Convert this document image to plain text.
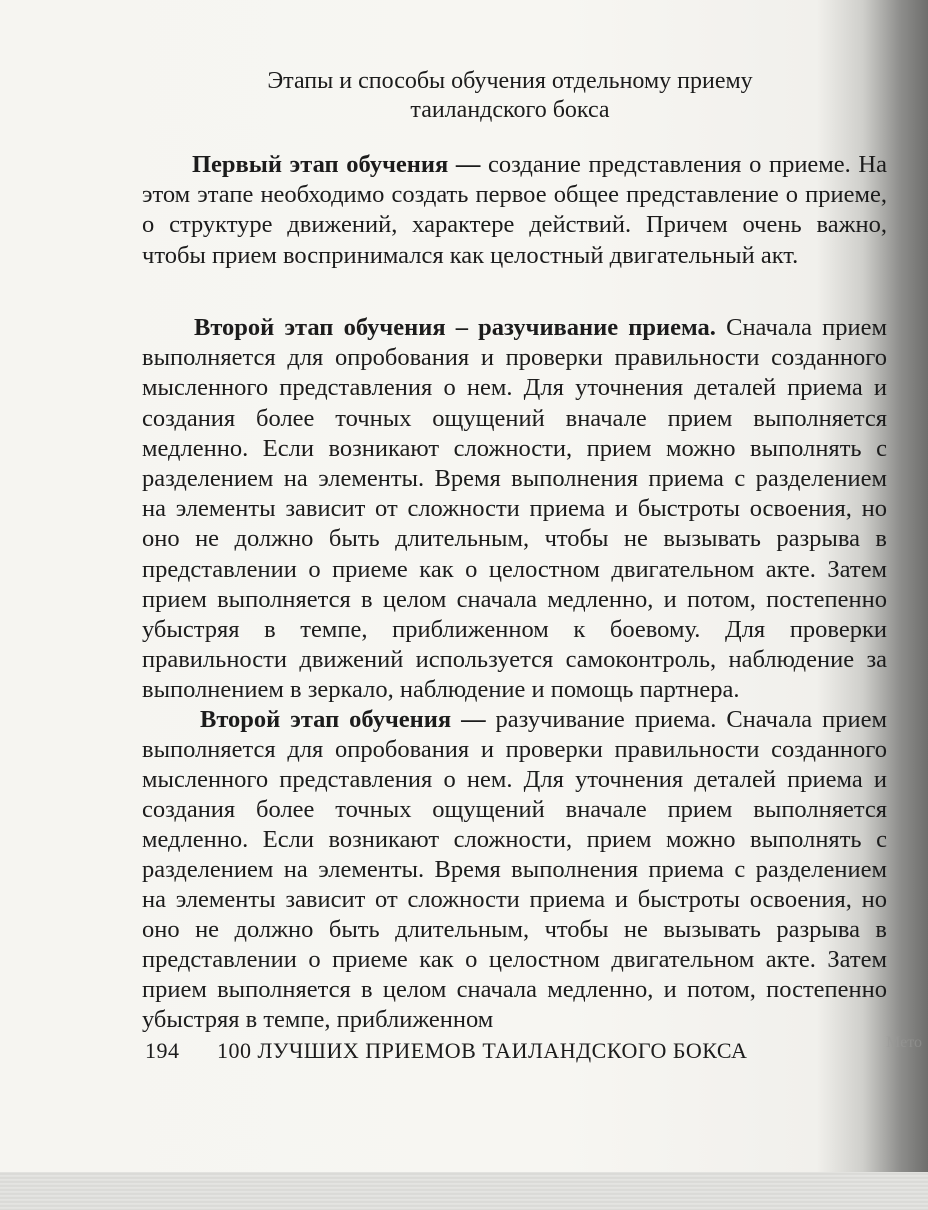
Этапы и способы обучения отдельному приему
таиландского бокса

Первый этап обучения — создание представления о приеме. На этом этапе необходимо создать первое общее представление о приеме, о структуре движений, характере действий. Причем очень важно, чтобы прием воспринимался как целостный двигательный акт.

Второй этап обучения – разучивание приема. Сначала прием выполняется для опробования и проверки правильности созданного мысленного представления о нем. Для уточнения деталей приема и создания более точных ощущений вначале прием выполняется медленно. Если возникают сложности, прием можно выполнять с разделением на элементы. Время выполнения приема с разделением на элементы зависит от сложности приема и быстроты освоения, но оно не должно быть длительным, чтобы не вызывать разрыва в представлении о приеме как о целостном двигательном акте. Затем прием выполняется в целом сначала медленно, и потом, постепенно убыстряя в темпе, приближенном к боевому. Для проверки правильности движений используется самоконтроль, наблюдение за выполнением в зеркало, наблюдение и помощь партнера.

Второй этап обучения — разучивание приема. Сначала прием выполняется для опробования и проверки правильности созданного мысленного представления о нем. Для уточнения деталей приема и создания более точных ощущений вначале прием выполняется медленно. Если возникают сложности, прием можно выполнять с разделением на элементы. Время выполнения приема с разделением на элементы зависит от сложности приема и быстроты освоения, но оно не должно быть длительным, чтобы не вызывать разрыва в представлении о приеме как о целостном двигательном акте. Затем прием выполняется в целом сначала медленно, и потом, постепенно убыстряя в темпе, приближенном

194 100 ЛУЧШИХ ПРИЕМОВ ТАИЛАНДСКОГО БОКСА	Мето
